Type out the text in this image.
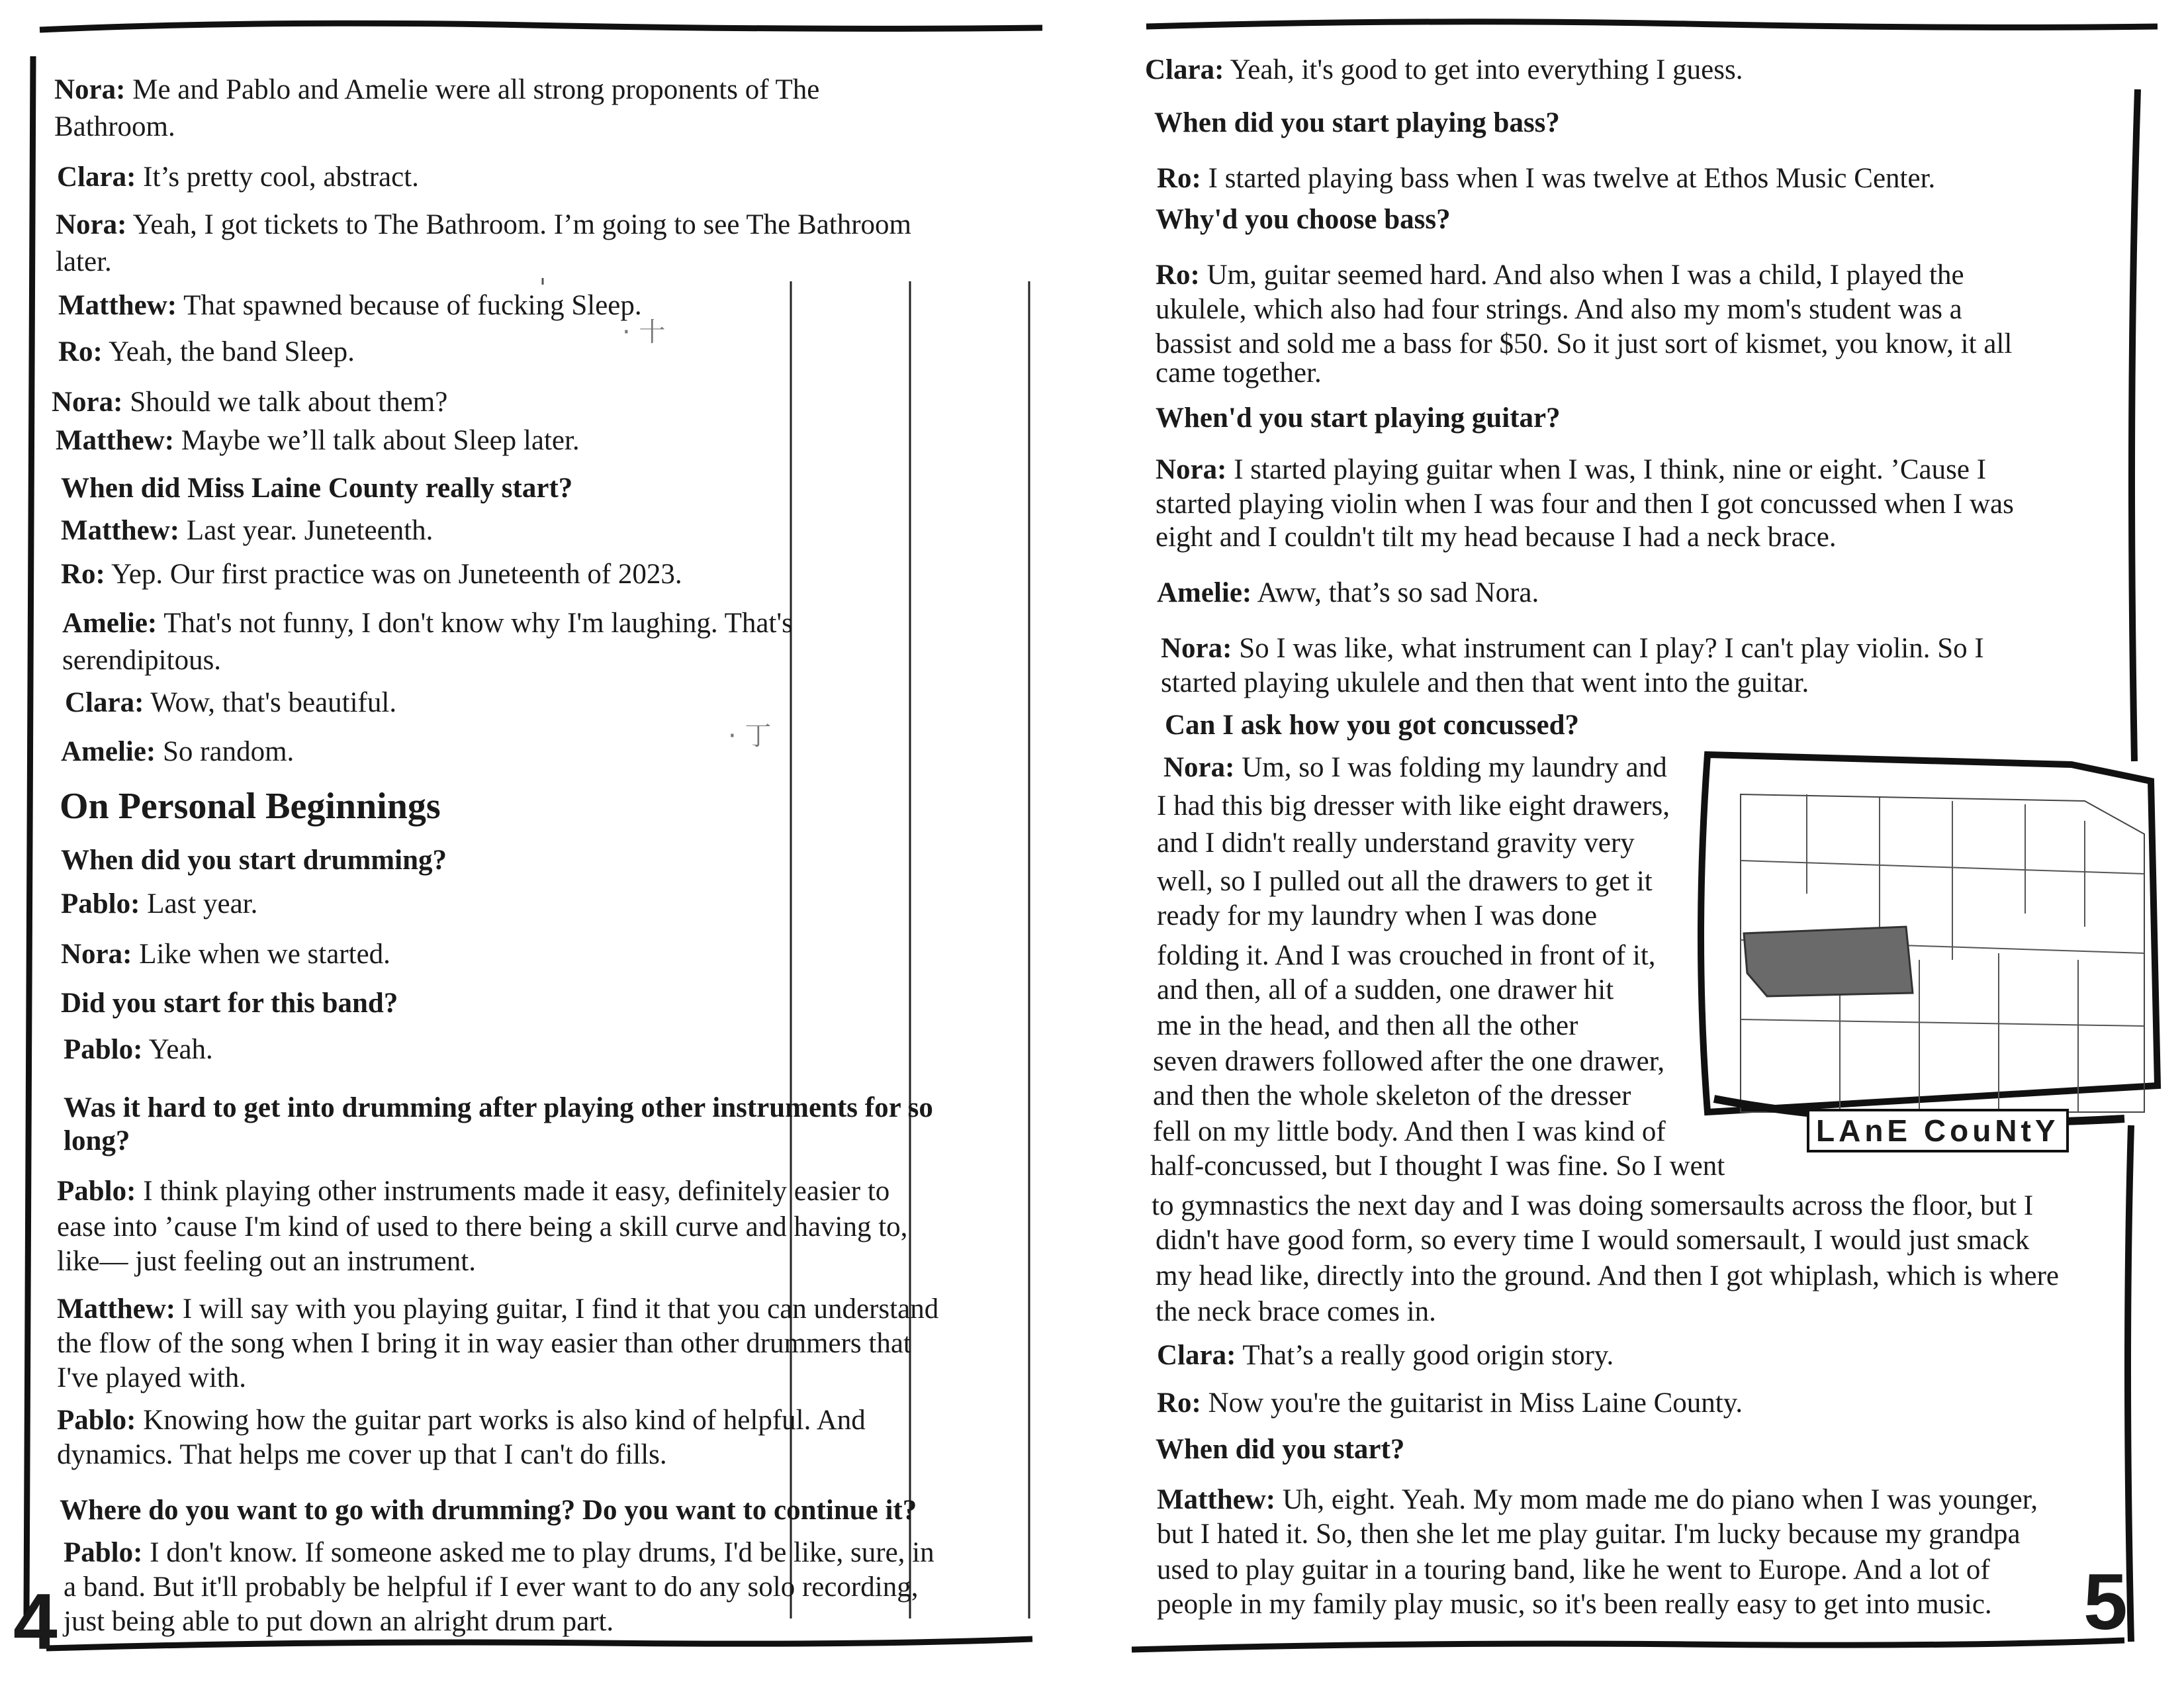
· 十
· 丁

Nora: Me and Pablo and Amelie were all strong proponents of The

Bathroom.

Clara: It’s pretty cool, abstract.

Nora: Yeah, I got tickets to The Bathroom. I’m going to see The Bathroom

later.

Matthew: That spawned because of fucking Sleep.

Ro: Yeah, the band Sleep.

Nora: Should we talk about them?

Matthew: Maybe we’ll talk about Sleep later.

When did Miss Laine County really start?

Matthew: Last year. Juneteenth.

Ro: Yep. Our first practice was on Juneteenth of 2023.

Amelie: That's not funny, I don't know why I'm laughing. That's

serendipitous.

Clara: Wow, that's beautiful.

Amelie: So random.

On Personal Beginnings

When did you start drumming?

Pablo: Last year.

Nora: Like when we started.

Did you start for this band?

Pablo: Yeah.

Was it hard to get into drumming after playing other instruments for so

long?

Pablo: I think playing other instruments made it easy, definitely easier to

ease into ’cause I'm kind of used to there being a skill curve and having to,

like— just feeling out an instrument.

Matthew: I will say with you playing guitar, I find it that you can understand

the flow of the song when I bring it in way easier than other drummers that

I've played with.

Pablo: Knowing how the guitar part works is also kind of helpful. And

dynamics. That helps me cover up that I can't do fills.

Where do you want to go with drumming? Do you want to continue it?

Pablo: I don't know. If someone asked me to play drums, I'd be like, sure, in

a band. But it'll probably be helpful if I ever want to do any solo recording,

just being able to put down an alright drum part.

4
LAnE CouNtY

Clara: Yeah, it's good to get into everything I guess.

When did you start playing bass?

Ro: I started playing bass when I was twelve at Ethos Music Center.

Why'd you choose bass?

Ro: Um, guitar seemed hard. And also when I was a child, I played the

ukulele, which also had four strings. And also my mom's student was a

bassist and sold me a bass for $50. So it just sort of kismet, you know, it all

came together.

When'd you start playing guitar?

Nora: I started playing guitar when I was, I think, nine or eight. ’Cause I

started playing violin when I was four and then I got concussed when I was

eight and I couldn't tilt my head because I had a neck brace.

Amelie: Aww, that’s so sad Nora.

Nora: So I was like, what instrument can I play? I can't play violin. So I

started playing ukulele and then that went into the guitar.

Can I ask how you got concussed?

Nora: Um, so I was folding my laundry and

I had this big dresser with like eight drawers,

and I didn't really understand gravity very

well, so I pulled out all the drawers to get it

ready for my laundry when I was done

folding it. And I was crouched in front of it,

and then, all of a sudden, one drawer hit

me in the head, and then all the other

seven drawers followed after the one drawer,

and then the whole skeleton of the dresser

fell on my little body. And then I was kind of

half-concussed, but I thought I was fine. So I went

to gymnastics the next day and I was doing somersaults across the floor, but I

didn't have good form, so every time I would somersault, I would just smack

my head like, directly into the ground. And then I got whiplash, which is where

the neck brace comes in.

Clara: That’s a really good origin story.

Ro: Now you're the guitarist in Miss Laine County.

When did you start?

Matthew: Uh, eight. Yeah. My mom made me do piano when I was younger,

but I hated it. So, then she let me play guitar. I'm lucky because my grandpa

used to play guitar in a touring band, like he went to Europe. And a lot of

people in my family play music, so it's been really easy to get into music. 5
